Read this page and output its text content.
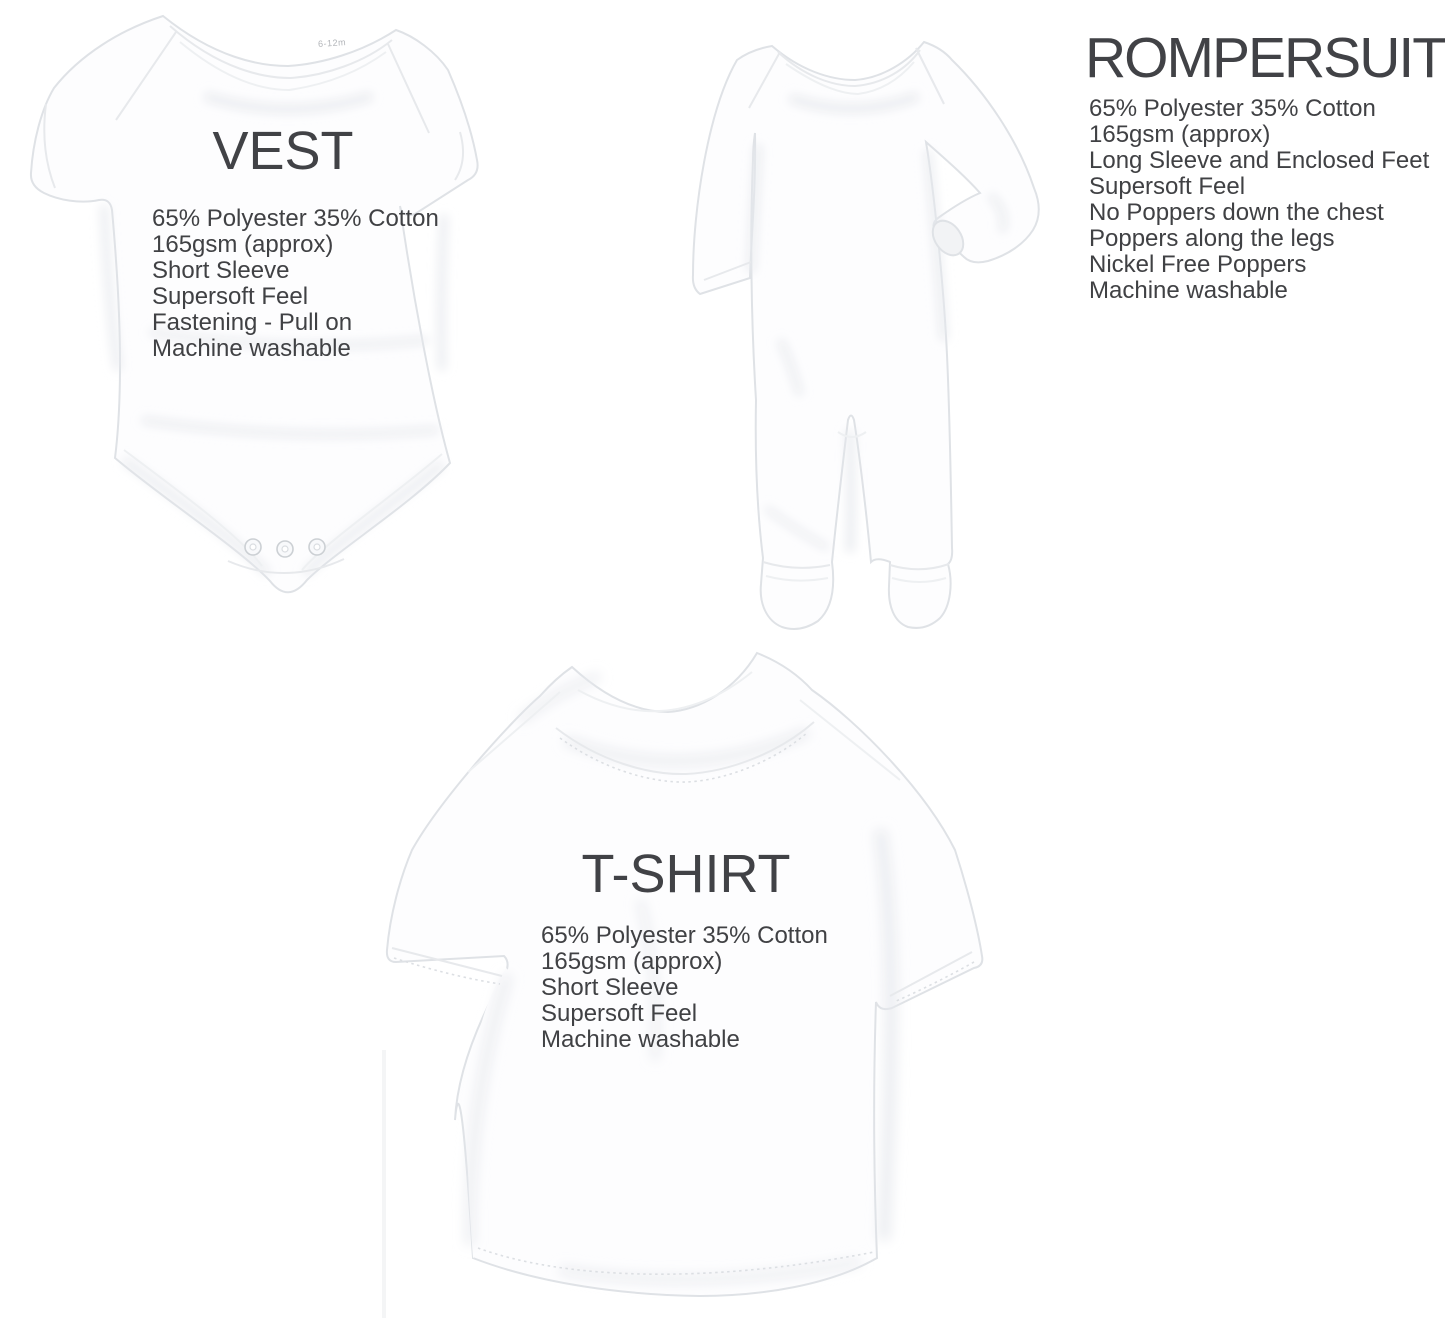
VEST
6-12m
65% Polyester 35% Cotton
165gsm (approx)
Short Sleeve
Supersoft Feel
Fastening - Pull on
Machine washable
ROMPERSUIT
65% Polyester 35% Cotton
165gsm (approx)
Long Sleeve and Enclosed Feet
Supersoft Feel
No Poppers down the chest
Poppers along the legs
Nickel Free Poppers
Machine washable
T-SHIRT
65% Polyester 35% Cotton
165gsm (approx)
Short Sleeve
Supersoft Feel
Machine washable
